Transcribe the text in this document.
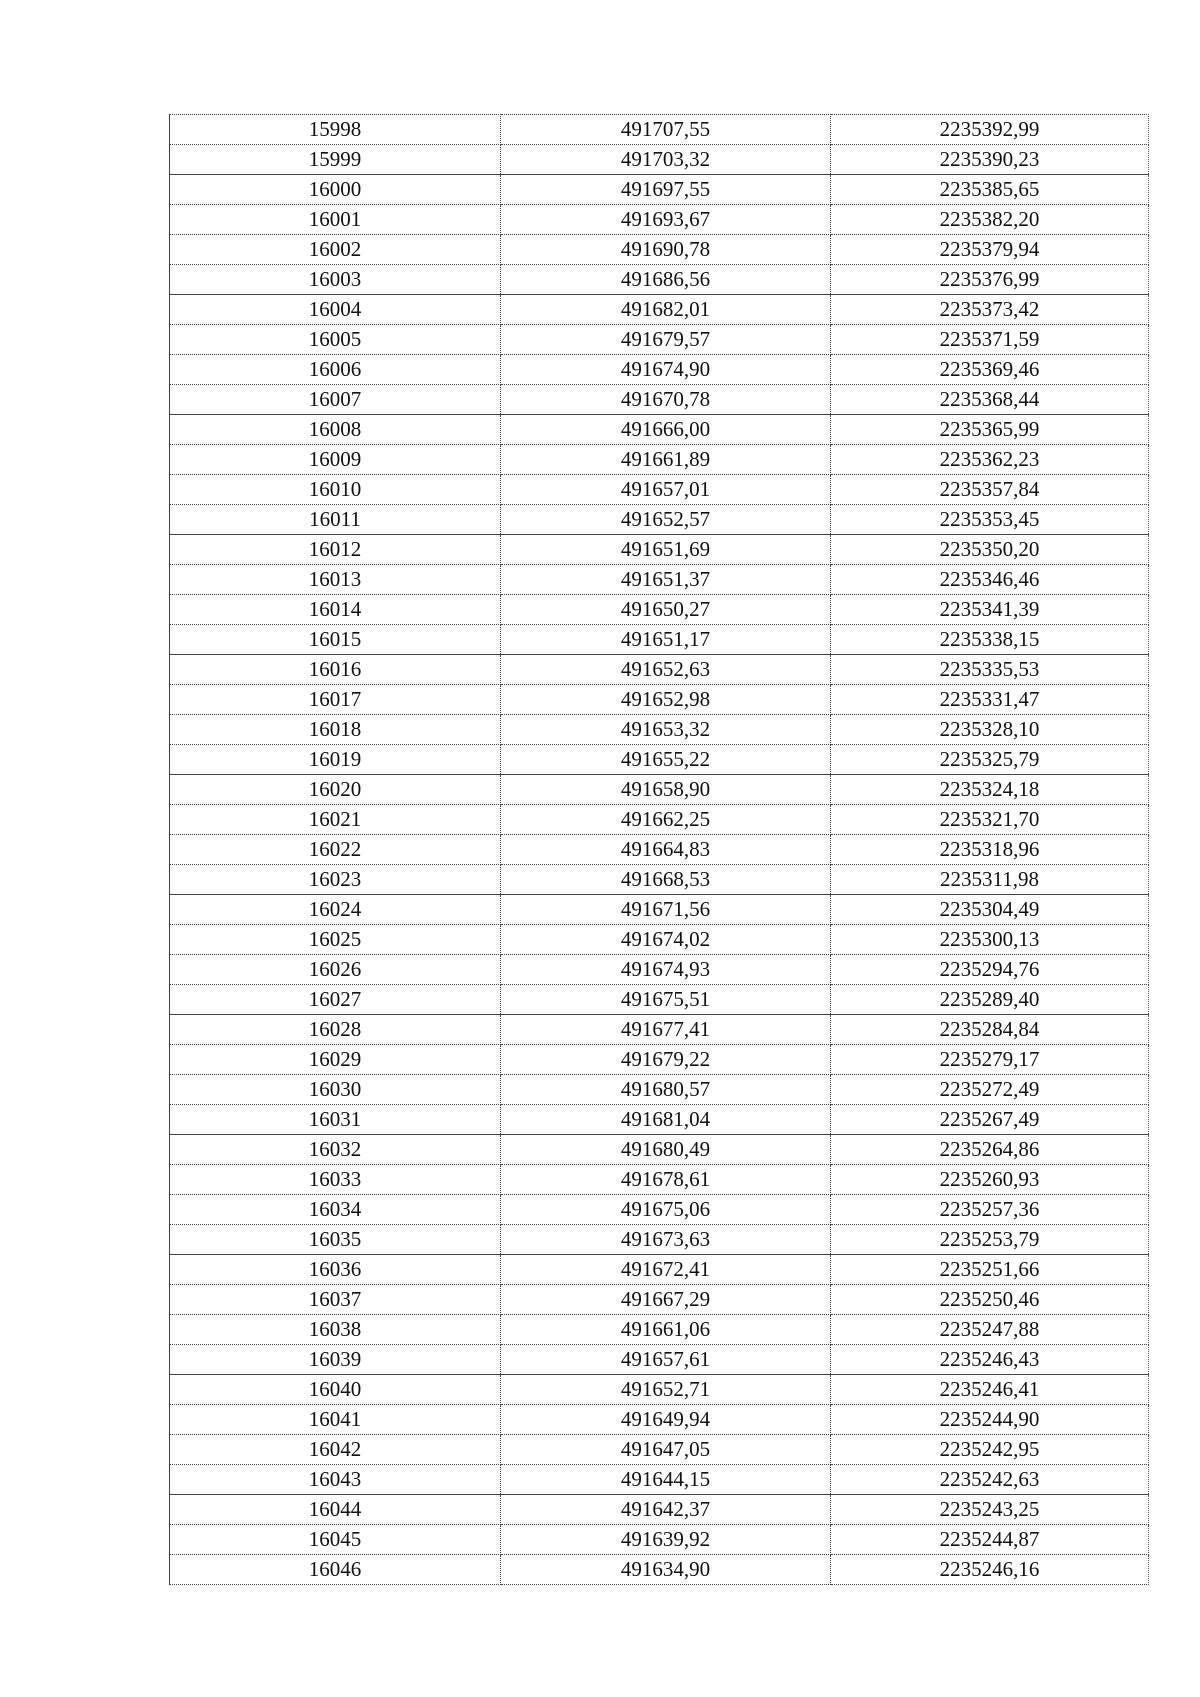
15998	491707,55	2235392,99
15999	491703,32	2235390,23
16000	491697,55	2235385,65
16001	491693,67	2235382,20
16002	491690,78	2235379,94
16003	491686,56	2235376,99
16004	491682,01	2235373,42
16005	491679,57	2235371,59
16006	491674,90	2235369,46
16007	491670,78	2235368,44
16008	491666,00	2235365,99
16009	491661,89	2235362,23
16010	491657,01	2235357,84
16011	491652,57	2235353,45
16012	491651,69	2235350,20
16013	491651,37	2235346,46
16014	491650,27	2235341,39
16015	491651,17	2235338,15
16016	491652,63	2235335,53
16017	491652,98	2235331,47
16018	491653,32	2235328,10
16019	491655,22	2235325,79
16020	491658,90	2235324,18
16021	491662,25	2235321,70
16022	491664,83	2235318,96
16023	491668,53	2235311,98
16024	491671,56	2235304,49
16025	491674,02	2235300,13
16026	491674,93	2235294,76
16027	491675,51	2235289,40
16028	491677,41	2235284,84
16029	491679,22	2235279,17
16030	491680,57	2235272,49
16031	491681,04	2235267,49
16032	491680,49	2235264,86
16033	491678,61	2235260,93
16034	491675,06	2235257,36
16035	491673,63	2235253,79
16036	491672,41	2235251,66
16037	491667,29	2235250,46
16038	491661,06	2235247,88
16039	491657,61	2235246,43
16040	491652,71	2235246,41
16041	491649,94	2235244,90
16042	491647,05	2235242,95
16043	491644,15	2235242,63
16044	491642,37	2235243,25
16045	491639,92	2235244,87
16046	491634,90	2235246,16
